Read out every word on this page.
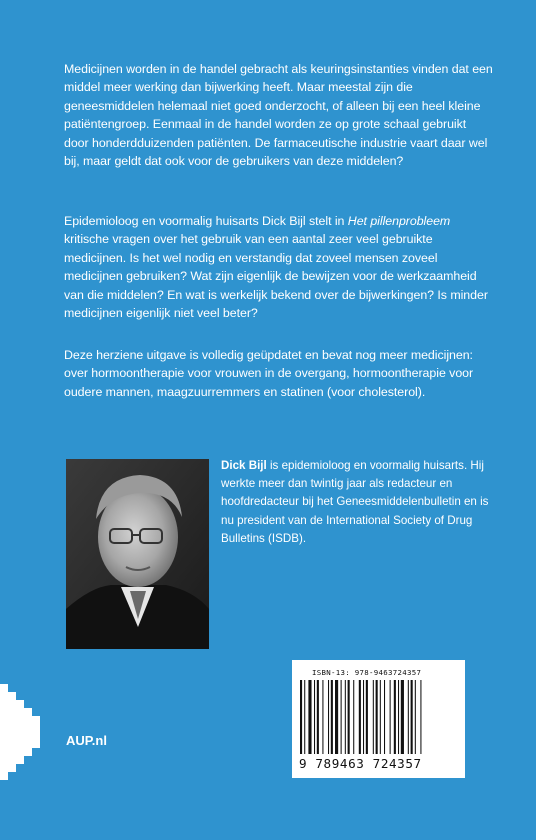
Medicijnen worden in de handel gebracht als keuringsinstanties vinden dat een middel meer werking dan bijwerking heeft. Maar meestal zijn die geneesmiddelen helemaal niet goed onderzocht, of alleen bij een heel kleine patiëntengroep. Eenmaal in de handel worden ze op grote schaal gebruikt door honderdduizenden patiënten. De farmaceutische industrie vaart daar wel bij, maar geldt dat ook voor de gebruikers van deze middelen?

Epidemioloog en voormalig huisarts Dick Bijl stelt in Het pillenprobleem kritische vragen over het gebruik van een aantal zeer veel gebruikte medicijnen. Is het wel nodig en verstandig dat zoveel mensen zoveel medicijnen gebruiken? Wat zijn eigenlijk de bewijzen voor de werkzaamheid van die middelen? En wat is werkelijk bekend over de bijwerkingen? Is minder medicijnen eigenlijk niet veel beter?

Deze herziene uitgave is volledig geüpdatet en bevat nog meer medicijnen: over hormoontherapie voor vrouwen in de overgang, hormoontherapie voor oudere mannen, maagzuurremmers en statinen (voor cholesterol).

Dick Bijl is epidemioloog en voormalig huisarts. Hij werkte meer dan twintig jaar als redacteur en hoofdredacteur bij het Geneesmiddelenbulletin en is nu president van de International Society of Drug Bulletins (ISDB).
AUP.nl
ISBN-13: 978-9463724357
9 789463 724357
